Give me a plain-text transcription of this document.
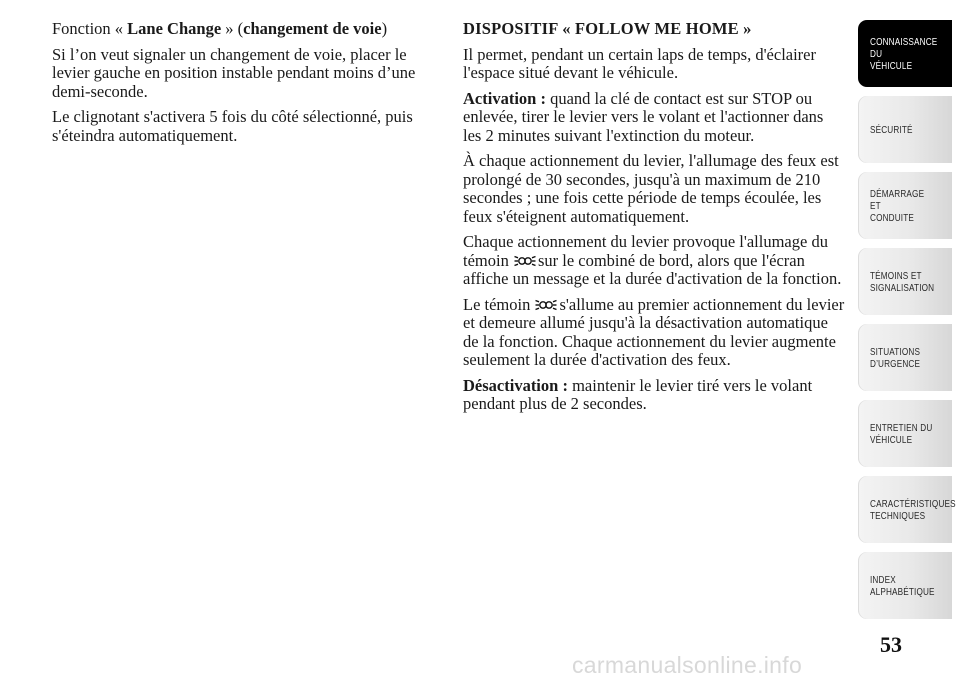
Fonction « Lane Change » (changement de voie)

Si l’on veut signaler un changement de voie, placer le levier gauche en position instable pendant moins d’une demi-seconde.

Le clignotant s'activera 5 fois du côté sélectionné, puis s'éteindra automatiquement.

DISPOSITIF « FOLLOW ME HOME »

Il permet, pendant un certain laps de temps, d'éclairer l'espace situé devant le véhicule.

Activation : quand la clé de contact est sur STOP ou enlevée, tirer le levier vers le volant et l'actionner dans les 2 minutes suivant l'extinction du moteur.

À chaque actionnement du levier, l'allumage des feux est prolongé de 30 secondes, jusqu'à un maximum de 210 secondes ; une fois cette période de temps écoulée, les feux s'éteignent automatiquement.

Chaque actionnement du levier provoque l'allumage du témoin
sur le combiné de bord, alors que l'écran affiche un message et la durée d'activation de la fonction.

Le témoin
s'allume au premier actionnement du levier et demeure allumé jusqu'à la désactivation automatique de la fonction. Chaque actionnement du levier augmente seulement la durée d'activation des feux.

Désactivation : maintenir le levier tiré vers le volant pendant plus de 2 secondes.

CONNAISSANCE DU
VÉHICULE
SÉCURITÉ
DÉMARRAGE ET
CONDUITE
TÉMOINS ET
SIGNALISATION
SITUATIONS
D’URGENCE
ENTRETIEN DU
VÉHICULE
CARACTÉRISTIQUES
TECHNIQUES
INDEX
ALPHABÉTIQUE
53
carmanualsonline.info
